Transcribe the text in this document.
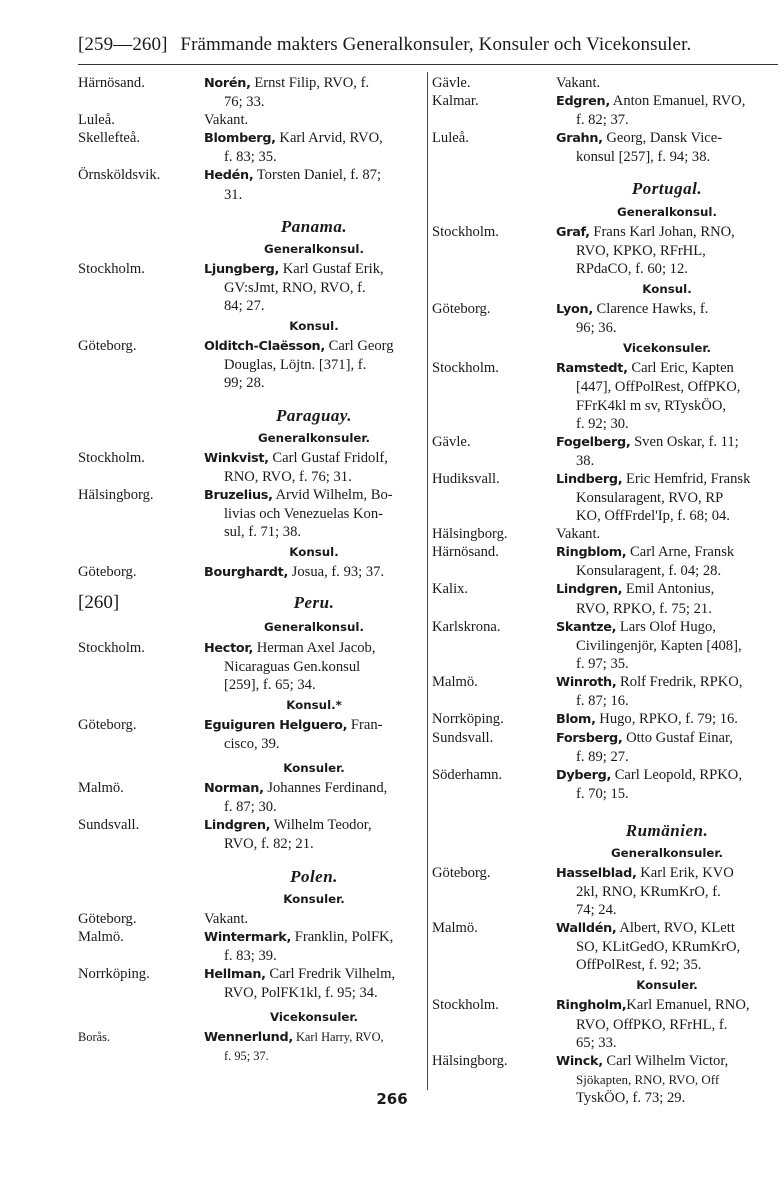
[259—260] Främmande makters Generalkonsuler, Konsuler och Vicekonsuler.
Härnösand.	Norén, Ernst Filip, RVO, f.
76; 33.
Luleå.	Vakant.
Skellefteå.	Blomberg, Karl Arvid, RVO,
f. 83; 35.
Örnsköldsvik.	Hedén, Torsten Daniel, f. 87;
31.
Panama.
Generalkonsul.
Stockholm.	Ljungberg, Karl Gustaf Erik,
GV:sJmt, RNO, RVO, f.
84; 27.
Konsul.
Göteborg.	Olditch-Claësson, Carl Georg
Douglas, Löjtn. [371], f.
99; 28.
Paraguay.
Generalkonsuler.
Stockholm.	Winkvist, Carl Gustaf Fridolf,
RNO, RVO, f. 76; 31.
Hälsingborg.	Bruzelius, Arvid Wilhelm, Bo-
livias och Venezuelas Kon-
sul, f. 71; 38.
Konsul.
Göteborg.	Bourghardt, Josua, f. 93; 37.
[260]	Peru.
Generalkonsul.
Stockholm.	Hector, Herman Axel Jacob,
Nicaraguas Gen.konsul
[259], f. 65; 34.
Konsul.*
Göteborg.	Eguiguren Helguero, Fran-
cisco, 39.
Konsuler.
Malmö.	Norman, Johannes Ferdinand,
f. 87; 30.
Sundsvall.	Lindgren, Wilhelm Teodor,
RVO, f. 82; 21.
Polen.
Konsuler.
Göteborg.	Vakant.
Malmö.	Wintermark, Franklin, PolFK,
f. 83; 39.
Norrköping.	Hellman, Carl Fredrik Vilhelm,
RVO, PolFK1kl, f. 95; 34.
Vicekonsuler.
Borås.	Wennerlund, Karl Harry, RVO,
f. 95; 37.
Gävle.	Vakant.
Kalmar.	Edgren, Anton Emanuel, RVO,
f. 82; 37.
Luleå.	Grahn, Georg, Dansk Vice-
konsul [257], f. 94; 38.
Portugal.
Generalkonsul.
Stockholm.	Graf, Frans Karl Johan, RNO,
RVO, KPKO, RFrHL,
RPdaCO, f. 60; 12.
Konsul.
Göteborg.	Lyon, Clarence Hawks, f.
96; 36.
Vicekonsuler.
Stockholm.	Ramstedt, Carl Eric, Kapten
[447], OffPolRest, OffPKO,
FFrK4kl m sv, RTyskÖO,
f. 92; 30.
Gävle.	Fogelberg, Sven Oskar, f. 11;
38.
Hudiksvall.	Lindberg, Eric Hemfrid, Fransk
Konsularagent, RVO, RP
KO, OffFrdel'Ip, f. 68; 04.
Hälsingborg.	Vakant.
Härnösand.	Ringblom, Carl Arne, Fransk
Konsularagent, f. 04; 28.
Kalix.	Lindgren, Emil Antonius,
RVO, RPKO, f. 75; 21.
Karlskrona.	Skantze, Lars Olof Hugo,
Civilingenjör, Kapten [408],
f. 97; 35.
Malmö.	Winroth, Rolf Fredrik, RPKO,
f. 87; 16.
Norrköping.	Blom, Hugo, RPKO, f. 79; 16.
Sundsvall.	Forsberg, Otto Gustaf Einar,
f. 89; 27.
Söderhamn.	Dyberg, Carl Leopold, RPKO,
f. 70; 15.
Rumänien.
Generalkonsuler.
Göteborg.	Hasselblad, Karl Erik, KVO
2kl, RNO, KRumKrO, f.
74; 24.
Malmö.	Walldén, Albert, RVO, KLett
SO, KLitGedO, KRumKrO,
OffPolRest, f. 92; 35.
Konsuler.
Stockholm.	Ringholm,Karl Emanuel, RNO,
RVO, OffPKO, RFrHL, f.
65; 33.
Hälsingborg.	Winck, Carl Wilhelm Victor,
Sjökapten, RNO, RVO, Off
TyskÖO, f. 73; 29.
266
